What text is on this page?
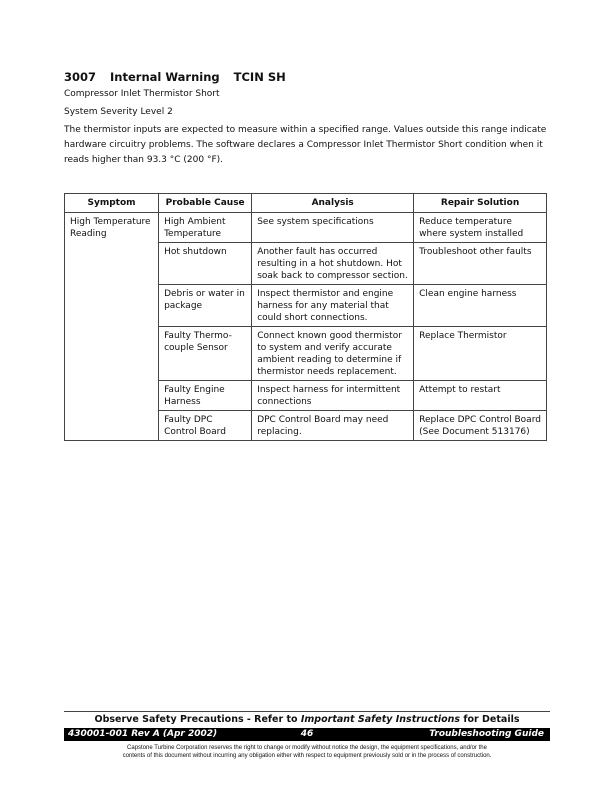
3007 Internal Warning TCIN SH
Compressor Inlet Thermistor Short
System Severity Level 2
The thermistor inputs are expected to measure within a specified range. Values outside this range indicate hardware circuitry problems. The software declares a Compressor Inlet Thermistor Short condition when it reads higher than 93.3 °C (200 °F).
Symptom	Probable Cause	Analysis	Repair Solution
High Temperature Reading	High Ambient Temperature	See system specifications	Reduce temperature where system installed
	Hot shutdown	Another fault has occurred resulting in a hot shutdown. Hot soak back to compressor section.	Troubleshoot other faults
	Debris or water in package	Inspect thermistor and engine harness for any material that could short connections.	Clean engine harness
	Faulty Thermo-couple Sensor	Connect known good thermistor to system and verify accurate ambient reading to determine if thermistor needs replacement.	Replace Thermistor
	Faulty Engine Harness	Inspect harness for intermittent connections	Attempt to restart
	Faulty DPC Control Board	DPC Control Board may need replacing.	Replace DPC Control Board (See Document 513176)
Observe Safety Precautions - Refer to Important Safety Instructions for Details
46
430001-001 Rev A (Apr 2002)	Troubleshooting Guide
Capstone Turbine Corporation reserves the right to change or modify without notice the design, the equipment specifications, and/or the
contents of this document without incurring any obligation either with respect to equipment previously sold or in the process of construction.
